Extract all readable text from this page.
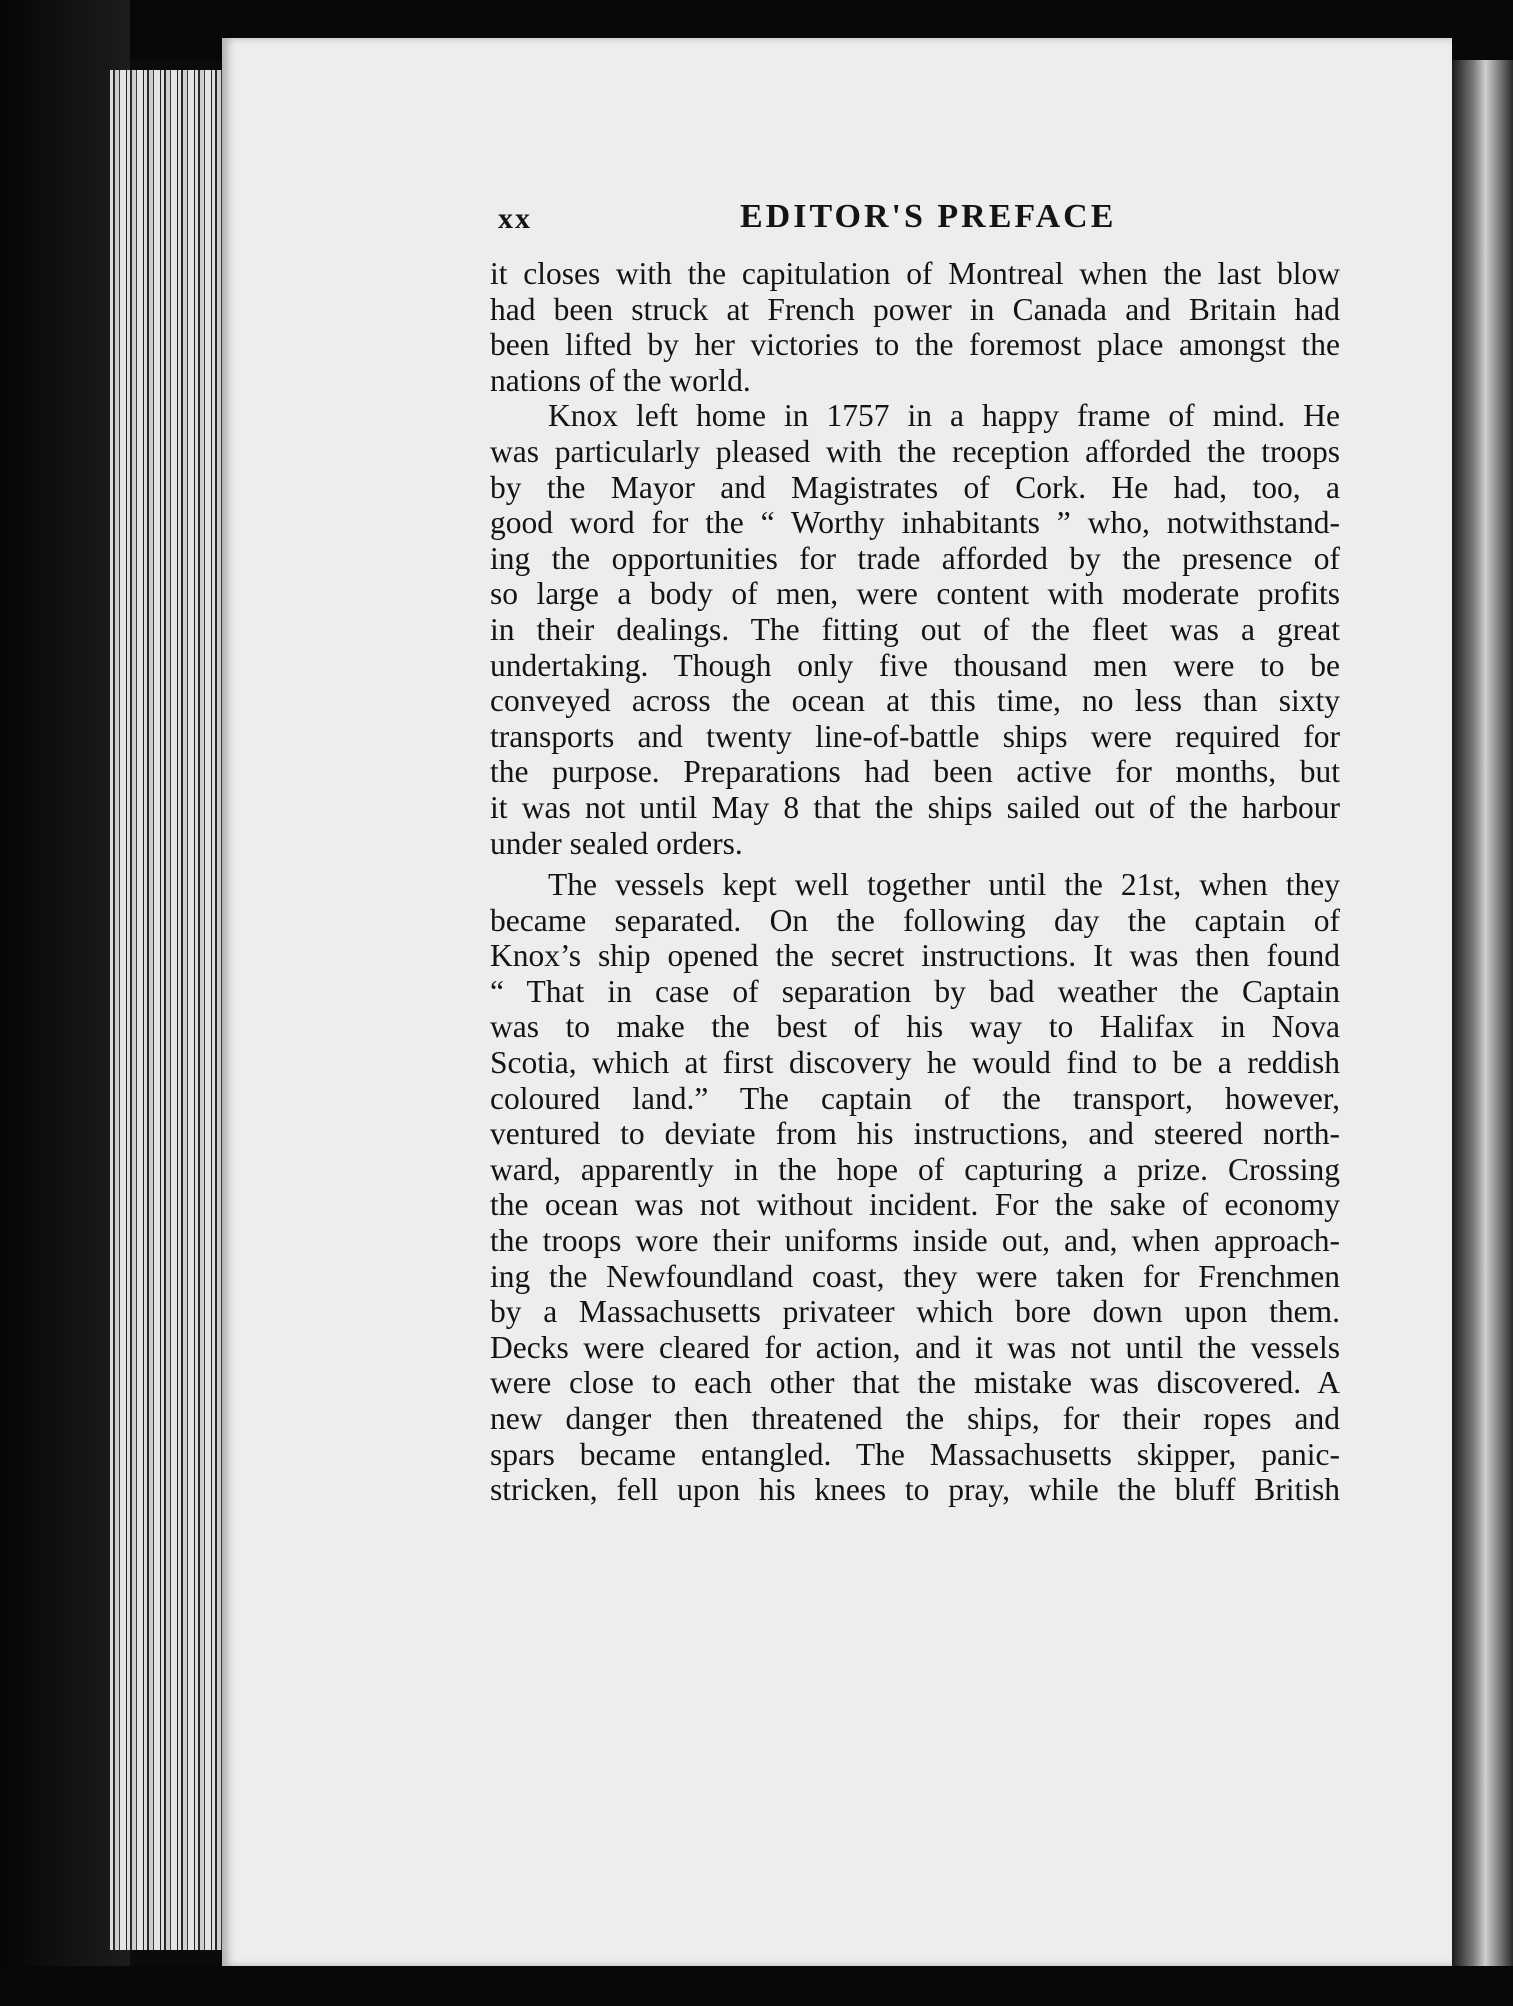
xx	EDITOR'S PREFACE

it closes with the capitulation of Montreal when the last blow
had been struck at French power in Canada and Britain had
been lifted by her victories to the foremost place amongst the
nations of the world.

Knox left home in 1757 in a happy frame of mind. He
was particularly pleased with the reception afforded the troops
by the Mayor and Magistrates of Cork. He had, too, a
good word for the “ Worthy inhabitants ” who, notwithstand-
ing the opportunities for trade afforded by the presence of
so large a body of men, were content with moderate profits
in their dealings. The fitting out of the fleet was a great
undertaking. Though only five thousand men were to be
conveyed across the ocean at this time, no less than sixty
transports and twenty line-of-battle ships were required for
the purpose. Preparations had been active for months, but
it was not until May 8 that the ships sailed out of the harbour
under sealed orders.

The vessels kept well together until the 21st, when they
became separated. On the following day the captain of
Knox’s ship opened the secret instructions. It was then found
“ That in case of separation by bad weather the Captain
was to make the best of his way to Halifax in Nova
Scotia, which at first discovery he would find to be a reddish
coloured land.” The captain of the transport, however,
ventured to deviate from his instructions, and steered north-
ward, apparently in the hope of capturing a prize. Crossing
the ocean was not without incident. For the sake of economy
the troops wore their uniforms inside out, and, when approach-
ing the Newfoundland coast, they were taken for Frenchmen
by a Massachusetts privateer which bore down upon them.
Decks were cleared for action, and it was not until the vessels
were close to each other that the mistake was discovered. A
new danger then threatened the ships, for their ropes and
spars became entangled. The Massachusetts skipper, panic-
stricken, fell upon his knees to pray, while the bluff British
